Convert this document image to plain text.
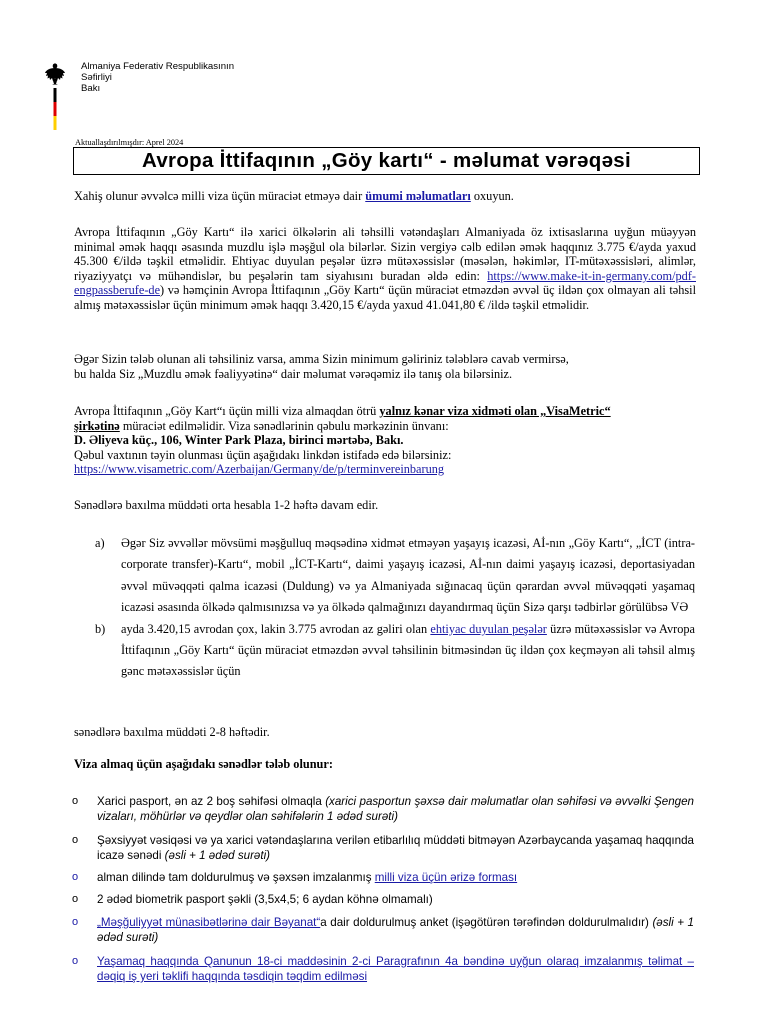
Almaniya Federativ Respublikasının
Səfirliyi
Bakı
Aktuallaşdırılmışdır: Aprel 2024
Avropa İttifaqının „Göy kartı“ - məlumat vərəqəsi
Xahiş olunur əvvəlcə milli viza üçün müraciət etməyə dair ümumi məlumatları oxuyun.
Avropa İttifaqının „Göy Kartı“ ilə xarici ölkələrin ali təhsilli vətəndaşları Almaniyada öz ixtisaslarına uyğun müəyyən minimal əmək haqqı əsasında muzdlu işlə məşğul ola bilərlər. Sizin vergiyə cəlb edilən əmək haqqınız 3.775 €/ayda yaxud 45.300 €/ildə təşkil etməlidir. Ehtiyac duyulan peşələr üzrə mütəxəssislər (məsələn, həkimlər, IT-mütəxəssisləri, alimlər, riyaziyyatçı və mühəndislər, bu peşələrin tam siyahısını buradan əldə edin: https://www.make-it-in-germany.com/pdf-engpassberufe-de) və həmçinin Avropa İttifaqının „Göy Kartı“ üçün müraciət etməzdən əvvəl üç ildən çox olmayan ali təhsil almış mətəxəssislər üçün minimum əmək haqqı 3.420,15 €/ayda yaxud 41.041,80 € /ildə təşkil etməlidir.
Əgər Sizin tələb olunan ali təhsiliniz varsa, amma Sizin minimum gəliriniz tələblərə cavab vermirsə,
bu halda Siz „Muzdlu əmək fəaliyyətinə“ dair məlumat vərəqəmiz ilə tanış ola bilərsiniz.
Avropa İttifaqının „Göy Kart“ı üçün milli viza almaqdan ötrü yalnız kənar viza xidməti olan „VisaMetric“
şirkətinə müraciət edilməlidir. Viza sənədlərinin qəbulu mərkəzinin ünvanı:
D. Əliyeva küç., 106, Winter Park Plaza, birinci mərtəbə, Bakı.
Qəbul vaxtının təyin olunması üçün aşağıdakı linkdən istifadə edə bilərsiniz:
https://www.visametric.com/Azerbaijan/Germany/de/p/terminvereinbarung
Sənədlərə baxılma müddəti orta hesabla 1-2 həftə davam edir.
a) Əgər Siz əvvəllər mövsümi məşğulluq məqsədinə xidmət etməyən yaşayış icazəsi, Aİ-nın „Göy Kartı“, „İCT (intra-corporate transfer)-Kartı“, mobil „İCT-Kartı“, daimi yaşayış icazəsi, Aİ-nın daimi yaşayış icazəsi, deportasiyadan əvvəl müvəqqəti qalma icazəsi (Duldung) və ya Almaniyada sığınacaq üçün qərardan əvvəl müvəqqəti yaşamaq icazəsi əsasında ölkədə qalmısınızsa və ya ölkədə qalmağınızı dayandırmaq üçün Sizə qarşı tədbirlər görülübsə VƏ
b) ayda 3.420,15 avrodan çox, lakin 3.775 avrodan az gəliri olan ehtiyac duyulan peşələr üzrə mütəxəssislər və Avropa İttifaqının „Göy Kartı“ üçün müraciət etməzdən əvvəl təhsilinin bitməsindən üç ildən çox keçməyən ali təhsil almış gənc mətəxəssislər üçün
sənədlərə baxılma müddəti 2-8 həftədir.
Viza almaq üçün aşağıdakı sənədlər tələb olunur:
o Xarici pasport, ən az 2 boş səhifəsi olmaqla (xarici pasportun şəxsə dair məlumatlar olan səhifəsi və əvvəlki Şengen vizaları, möhürlər və qeydlər olan səhifələrin 1 ədəd surəti)
o Şəxsiyyət vəsiqəsi və ya xarici vətəndaşlarına verilən etibarlılıq müddəti bitməyən Azərbaycanda yaşamaq haqqında icazə sənədi (əsli + 1 ədəd surəti)
o alman dilində tam doldurulmuş və şəxsən imzalanmış milli viza üçün ərizə forması
o 2 ədəd biometrik pasport şəkli (3,5x4,5; 6 aydan köhnə olmamalı)
o „Məşğuliyyət münasibətlərinə dair Bəyanat“a dair doldurulmuş anket (işəgötürən tərəfindən doldurulmalıdır) (əsli + 1 ədəd surəti)
o Yaşamaq haqqında Qanunun 18-ci maddəsinin 2-ci Paragrafının 4a bəndinə uyğun olaraq imzalanmış təlimat – dəqiq iş yeri təklifi haqqında təsdiqin təqdim edilməsi
